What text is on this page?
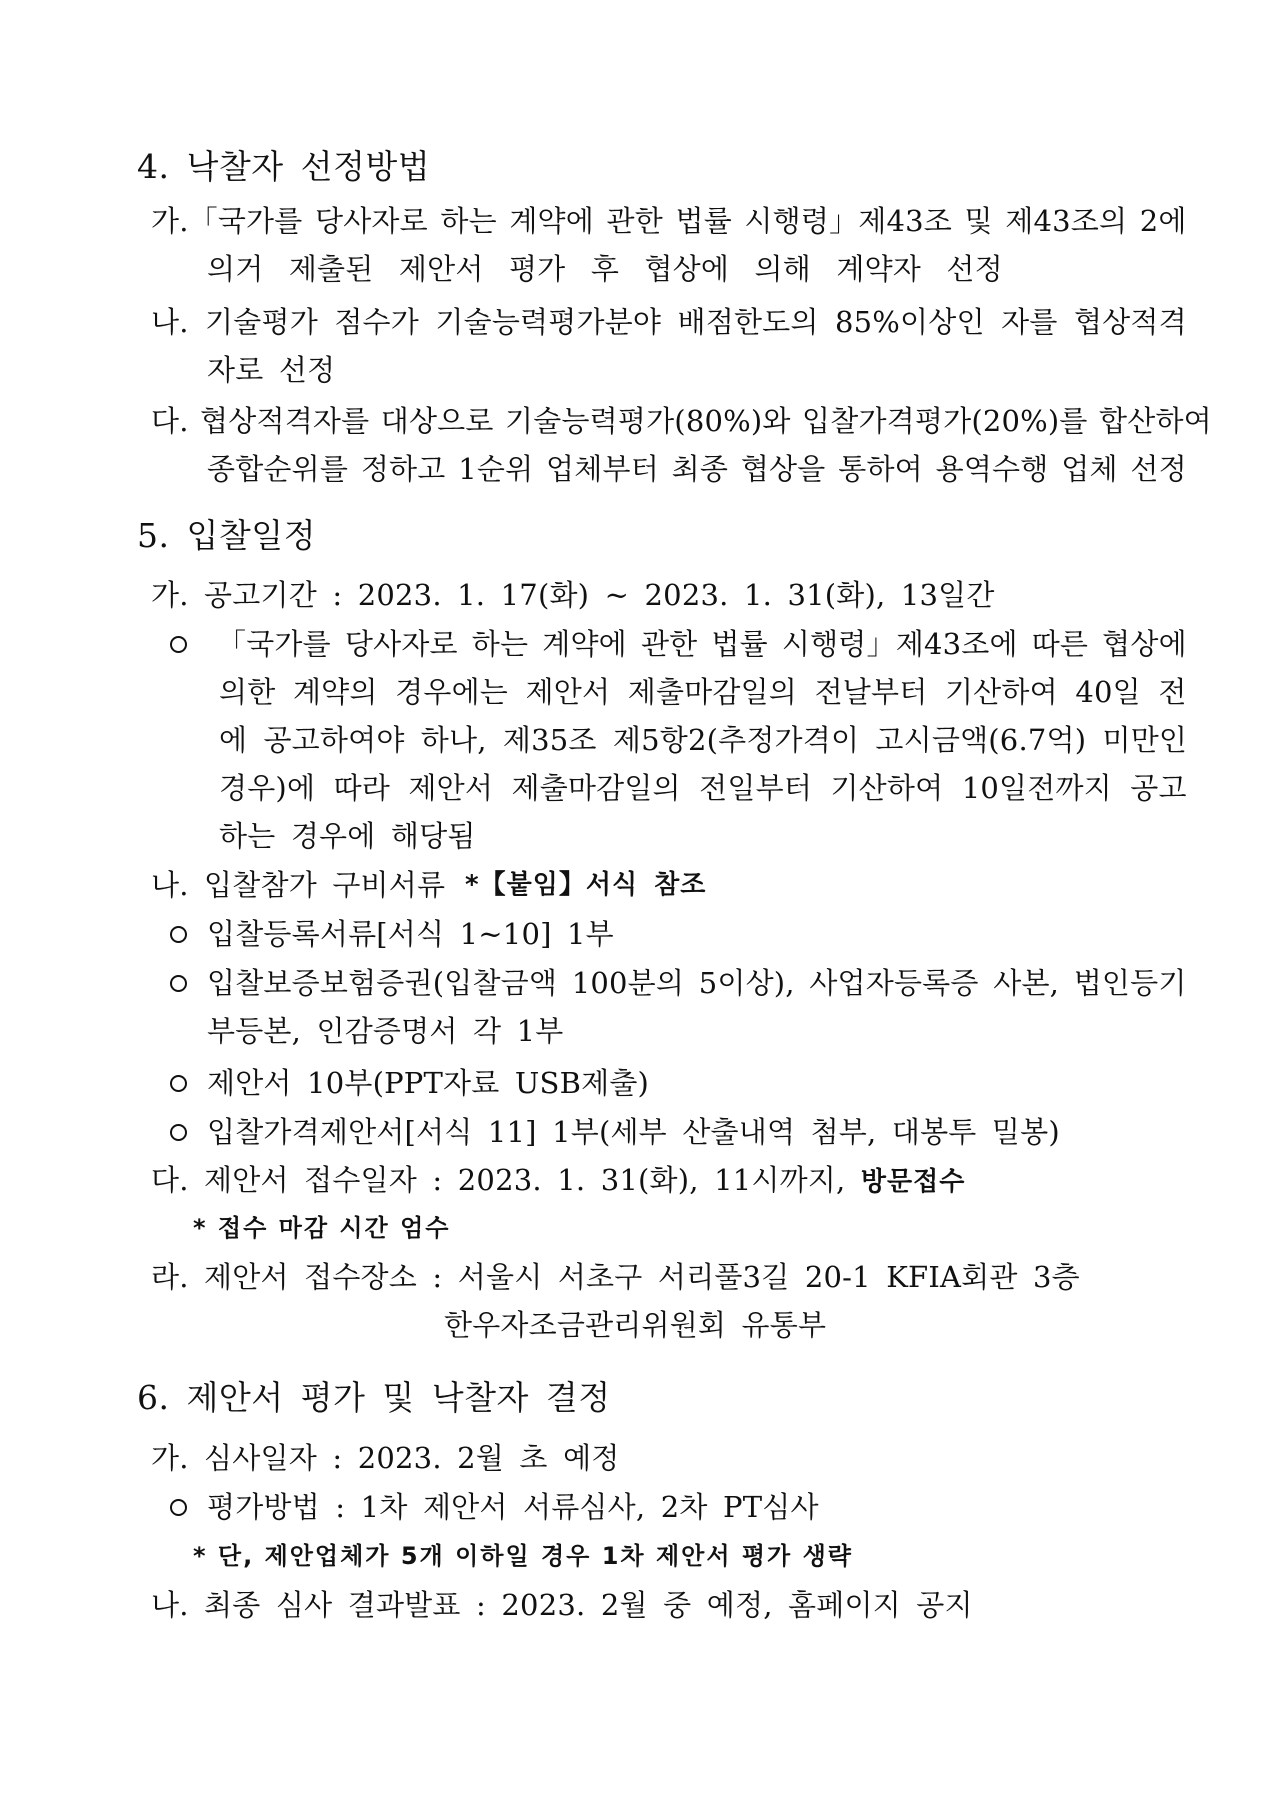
4. 낙찰자 선정방법
가.「국가를 당사자로 하는 계약에 관한 법률 시행령」제43조 및 제43조의 2에
의거 제출된 제안서 평가 후 협상에 의해 계약자 선정
나. 기술평가 점수가 기술능력평가분야 배점한도의 85%이상인 자를 협상적격
자로 선정
다. 협상적격자를 대상으로 기술능력평가(80%)와 입찰가격평가(20%)를 합산하여
종합순위를 정하고 1순위 업체부터 최종 협상을 통하여 용역수행 업체 선정
5. 입찰일정
가. 공고기간 : 2023. 1. 17(화) ~ 2023. 1. 31(화), 13일간
「국가를 당사자로 하는 계약에 관한 법률 시행령」제43조에 따른 협상에
의한 계약의 경우에는 제안서 제출마감일의 전날부터 기산하여 40일 전
에 공고하여야 하나, 제35조 제5항2(추정가격이 고시금액(6.7억) 미만인
경우)에 따라 제안서 제출마감일의 전일부터 기산하여 10일전까지 공고
하는 경우에 해당됨
나. 입찰참가 구비서류 *【붙임】서식 참조
입찰등록서류[서식 1~10] 1부
입찰보증보험증권(입찰금액 100분의 5이상), 사업자등록증 사본, 법인등기
부등본, 인감증명서 각 1부
제안서 10부(PPT자료 USB제출)
입찰가격제안서[서식 11] 1부(세부 산출내역 첨부, 대봉투 밀봉)
다. 제안서 접수일자 : 2023. 1. 31(화), 11시까지, 방문접수
* 접수 마감 시간 엄수
라. 제안서 접수장소 : 서울시 서초구 서리풀3길 20-1 KFIA회관 3층
한우자조금관리위원회 유통부
6. 제안서 평가 및 낙찰자 결정
가. 심사일자 : 2023. 2월 초 예정
평가방법 : 1차 제안서 서류심사, 2차 PT심사
* 단, 제안업체가 5개 이하일 경우 1차 제안서 평가 생략
나. 최종 심사 결과발표 : 2023. 2월 중 예정, 홈페이지 공지
